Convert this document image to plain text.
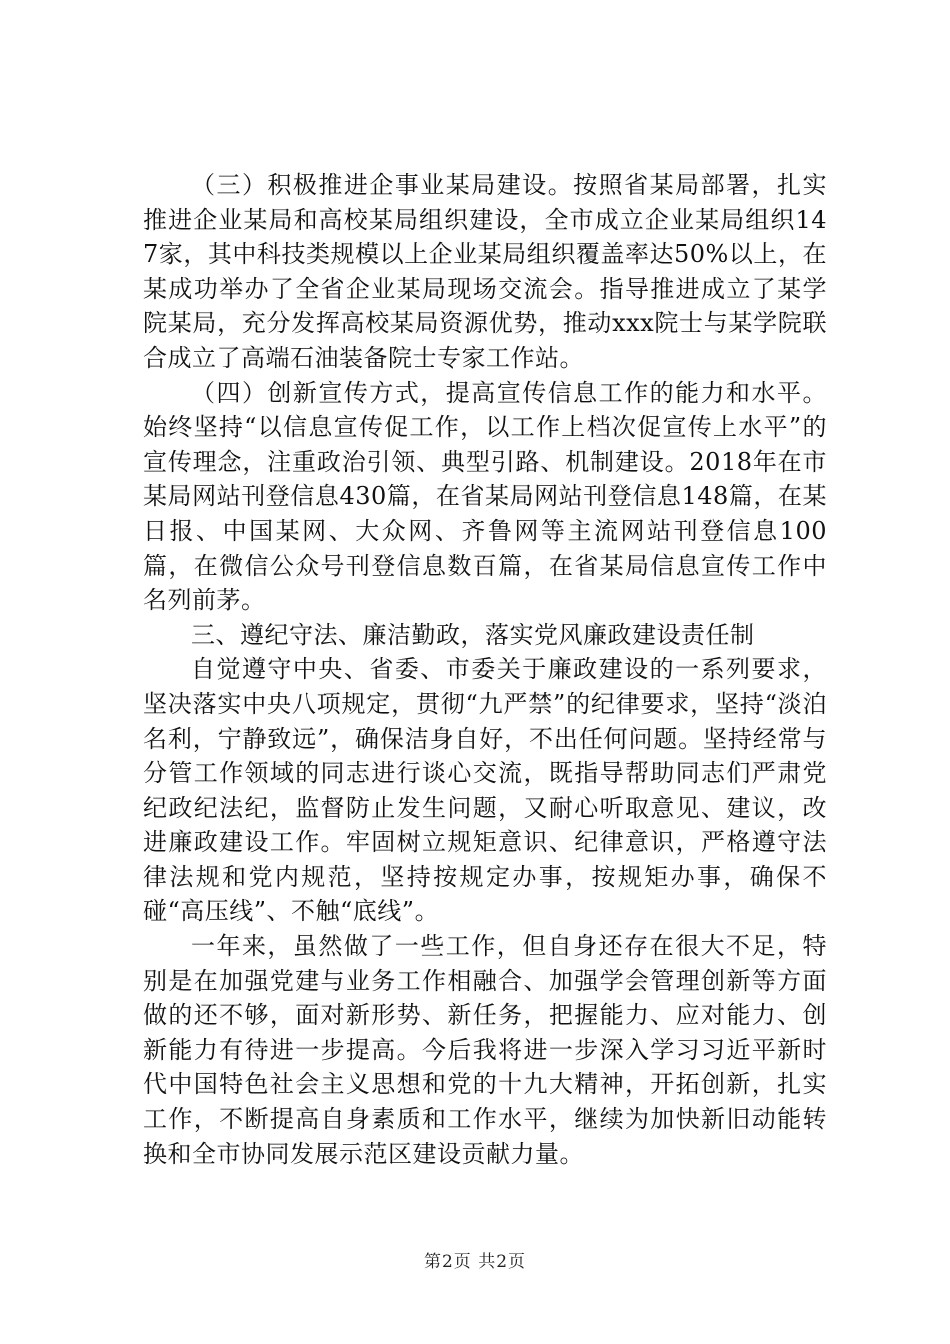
（三）积极推进企事业某局建设。按照省某局部署，扎实推进企业某局和高校某局组织建设，全市成立企业某局组织147家，其中科技类规模以上企业某局组织覆盖率达50%以上，在某成功举办了全省企业某局现场交流会。指导推进成立了某学院某局，充分发挥高校某局资源优势，推动xxx院士与某学院联合成立了高端石油装备院士专家工作站。

（四）创新宣传方式，提高宣传信息工作的能力和水平。始终坚持“以信息宣传促工作，以工作上档次促宣传上水平”的宣传理念，注重政治引领、典型引路、机制建设。2018年在市某局网站刊登信息430篇，在省某局网站刊登信息148篇，在某日报、中国某网、大众网、齐鲁网等主流网站刊登信息100篇，在微信公众号刊登信息数百篇，在省某局信息宣传工作中名列前茅。

三、遵纪守法、廉洁勤政，落实党风廉政建设责任制

自觉遵守中央、省委、市委关于廉政建设的一系列要求，坚决落实中央八项规定，贯彻“九严禁”的纪律要求，坚持“淡泊名利，宁静致远”，确保洁身自好，不出任何问题。坚持经常与分管工作领域的同志进行谈心交流，既指导帮助同志们严肃党纪政纪法纪，监督防止发生问题，又耐心听取意见、建议，改进廉政建设工作。牢固树立规矩意识、纪律意识，严格遵守法律法规和党内规范，坚持按规定办事，按规矩办事，确保不碰“高压线”、不触“底线”。

一年来，虽然做了一些工作，但自身还存在很大不足，特别是在加强党建与业务工作相融合、加强学会管理创新等方面做的还不够，面对新形势、新任务，把握能力、应对能力、创新能力有待进一步提高。今后我将进一步深入学习习近平新时代中国特色社会主义思想和党的十九大精神，开拓创新，扎实工作，不断提高自身素质和工作水平，继续为加快新旧动能转换和全市协同发展示范区建设贡献力量。

第2页 共2页
